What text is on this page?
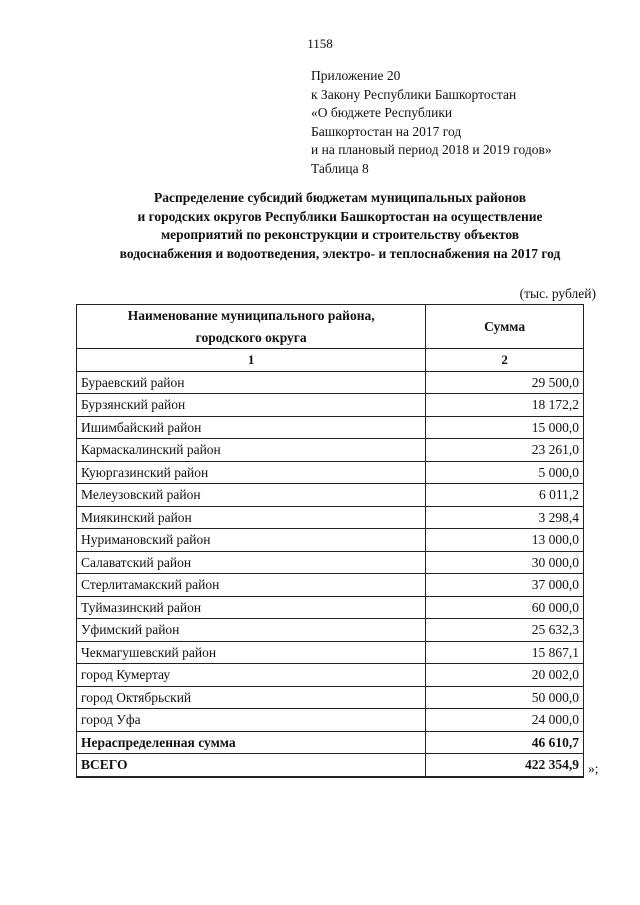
1158
Приложение 20
к Закону Республики Башкортостан
«О бюджете Республики
Башкортостан на 2017 год
и на плановый период 2018 и 2019 годов»
Таблица 8
Распределение субсидий бюджетам муниципальных районов
и городских округов Республики Башкортостан на осуществление
мероприятий по реконструкции и строительству объектов
водоснабжения и водоотведения, электро- и теплоснабжения на 2017 год
(тыс. рублей)
Наименование муниципального района,
городского округа	Сумма
1	2
Бураевский район	29 500,0
Бурзянский район	18 172,2
Ишимбайский район	15 000,0
Кармаскалинский район	23 261,0
Куюргазинский район	5 000,0
Мелеузовский район	6 011,2
Миякинский район	3 298,4
Нуримановский район	13 000,0
Салаватский район	30 000,0
Стерлитамакский район	37 000,0
Туймазинский район	60 000,0
Уфимский район	25 632,3
Чекмагушевский район	15 867,1
город Кумертау	20 002,0
город Октябрьский	50 000,0
город Уфа	24 000,0
Нераспределенная сумма	46 610,7
ВСЕГО	422 354,9 »;
